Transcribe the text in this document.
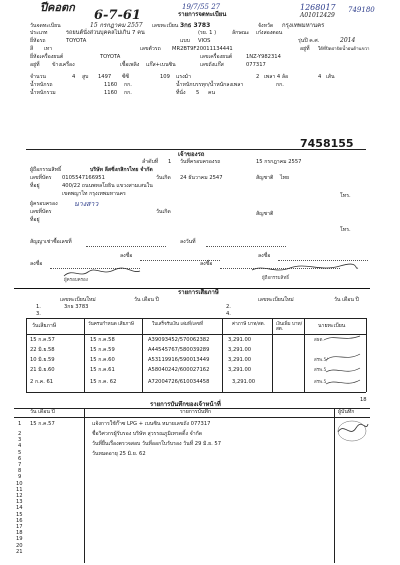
ปีคอตก
6-7-61
19/7/55 27	1268017 749180
A01012429
วันจดทะเบียน	15 กรกฎาคม 2557 เลขทะเบียน 3กธ 3783	จังหวัด กรุงเทพมหานคร
รายการจดทะเบียน
ประเภท	รถยนต์นั่งส่วนบุคคลไม่เกิน 7 คน	(รย. 1 )	ลักษณะ เก๋งสองตอน
ยี่ห้อรถ	TOYOTA	แบบ VIOS	รุ่นปี ค.ศ.	2014
สี เทา	เลขตัวรถ MR2BT9F20011134441	อยู่ที่ ใต้ที่ปิดฝาปัดน้ำฝนด้านขวา
ยี่ห้อเครื่องยนต์	TOYOTA	เลขเครื่องยนต์	1NZ-Y982314
อยู่ที่ ข้างเครื่อง	เชื้อเพลิง แก๊ส+เบนซิน	เลขถังแก๊ส	077317
จำนวน	4 สูบ 1497 ซีซี	109 แรงม้า	2 เพลา 4 ล้อ	4 เส้น
น้ำหนักรถ	1160 กก.	น้ำหนักบรรทุก/น้ำหนักลงเพลา	กก.
น้ำหนักรวม	1160 กก.	ที่นั่ง 5 คน
7458155
เจ้าของรถ
ลำดับที่ 1 วันที่ครอบครองรถ	15 กรกฎาคม 2557
ผู้ถือกรรมสิทธิ์	บริษัท ลีสซิ่งกสิกรไทย จำกัด
เลขที่บัตร 0105547166951	วันเกิด 24 ธันวาคม 2547	สัญชาติ ไทย
ที่อยู่	400/22 ถนนพหลโยธิน แขวงสามเสนใน
เขตพญาไท กรุงเทพมหานคร	โทร.
ผู้ครอบครอง นางสาว
เลขที่บัตร	วันเกิด	สัญชาติ
ที่อยู่
โทร.
สัญญาเช่าซื้อเลขที่	ลงวันที่
ลงชื่อ	ลงชื่อ
ลงชื่อ	ลงชื่อ
ผู้ครอบครอง	ผู้ถือกรรมสิทธิ์
รายการเสียภาษี
เลขทะเบียนใหม่	วัน เดือน ปี	เลขทะเบียนใหม่	วัน เดือน ปี
1.	3กธ 3783	2.
3.	4.
วันเสียภาษี	วันครบกำหนด เสียภาษี	ใบเสร็จรับเงิน เล่มที่/เลขที่	ค่าภาษี บาท/สต.	เงินเพิ่ม บาท/สต.
นายทะเบียน
15 ก.ค.57	15 ก.ค.58	A39093452/570062382	3,291.00	สธต.
22 มิ.ย.58	15 ก.ค.59	A44545767/580039289	3,291.00
10 มิ.ย.59	15 ก.ค.60	A53119916/590013449	3,291.00	สรพ.5/
21 มิ.ย.60	15 ก.ค.61	A58040242/600027162	3,291.00	สรพ.5
2 ก.ค. 61	15 ก.ค. 62	A72004726/610034458	3,291.00	สรพ.5
รายการบันทึกของเจ้าหน้าที่
18
วัน เดือน ปี	รายการบันทึก	ผู้บันทึก
1 15 ก.ค.57	แจ้งการใช้ก๊าซ LPG + เบนซิน หมายเลขถัง 077317
ชื่อวิศวกรผู้รับรอง บริษัท สุวรรณภูมิเทรดดิ้ง จำกัด
วันที่ยื่นเรื่องตรวจสอบ วันที่ออกใบรับรอง วันที่ 29 มิ.ย. 57
วันหมดอายุ 25 มิ.ย. 62
2
3
4
5
6
7
8
9
10
11
12
13
14
15
16
17
18
19
20
21
